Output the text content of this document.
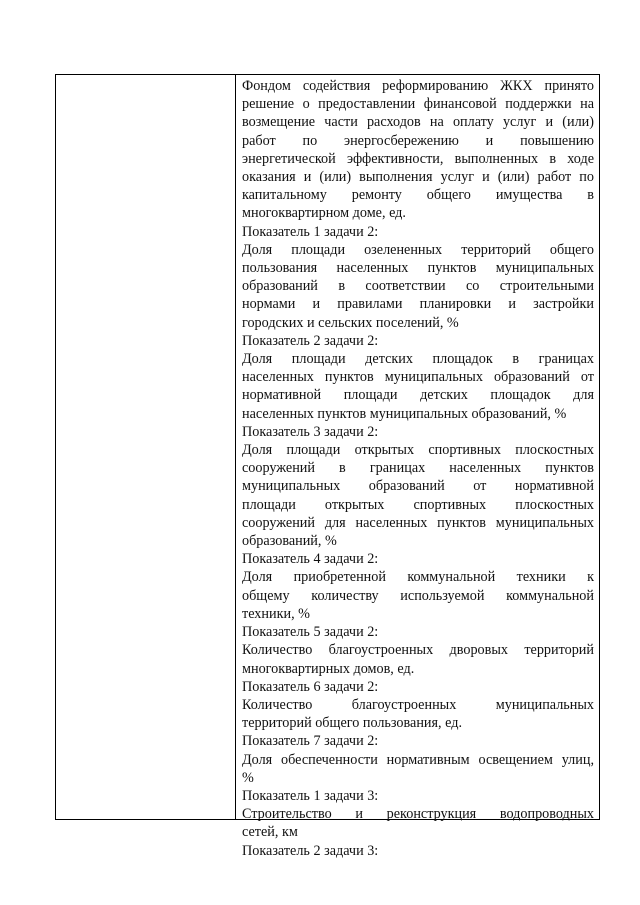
Фондом содействия реформированию ЖКХ принято
решение о предоставлении финансовой поддержки на
возмещение части расходов на оплату услуг и (или)
работ по энергосбережению и повышению
энергетической эффективности, выполненных в ходе
оказания и (или) выполнения услуг и (или) работ по
капитальному ремонту общего имущества в
многоквартирном доме, ед.
Показатель 1 задачи 2:
Доля площади озелененных территорий общего
пользования населенных пунктов муниципальных
образований в соответствии со строительными
нормами и правилами планировки и застройки
городских и сельских поселений, %
Показатель 2 задачи 2:
Доля площади детских площадок в границах
населенных пунктов муниципальных образований от
нормативной площади детских площадок для
населенных пунктов муниципальных образований, %
Показатель 3 задачи 2:
Доля площади открытых спортивных плоскостных
сооружений в границах населенных пунктов
муниципальных образований от нормативной
площади открытых спортивных плоскостных
сооружений для населенных пунктов муниципальных
образований, %
Показатель 4 задачи 2:
Доля приобретенной коммунальной техники к
общему количеству используемой коммунальной
техники, %
Показатель 5 задачи 2:
Количество благоустроенных дворовых территорий
многоквартирных домов, ед.
Показатель 6 задачи 2:
Количество благоустроенных муниципальных
территорий общего пользования, ед.
Показатель 7 задачи 2:
Доля обеспеченности нормативным освещением улиц,
%
Показатель 1 задачи 3:
Строительство и реконструкция водопроводных
сетей, км
Показатель 2 задачи 3:
